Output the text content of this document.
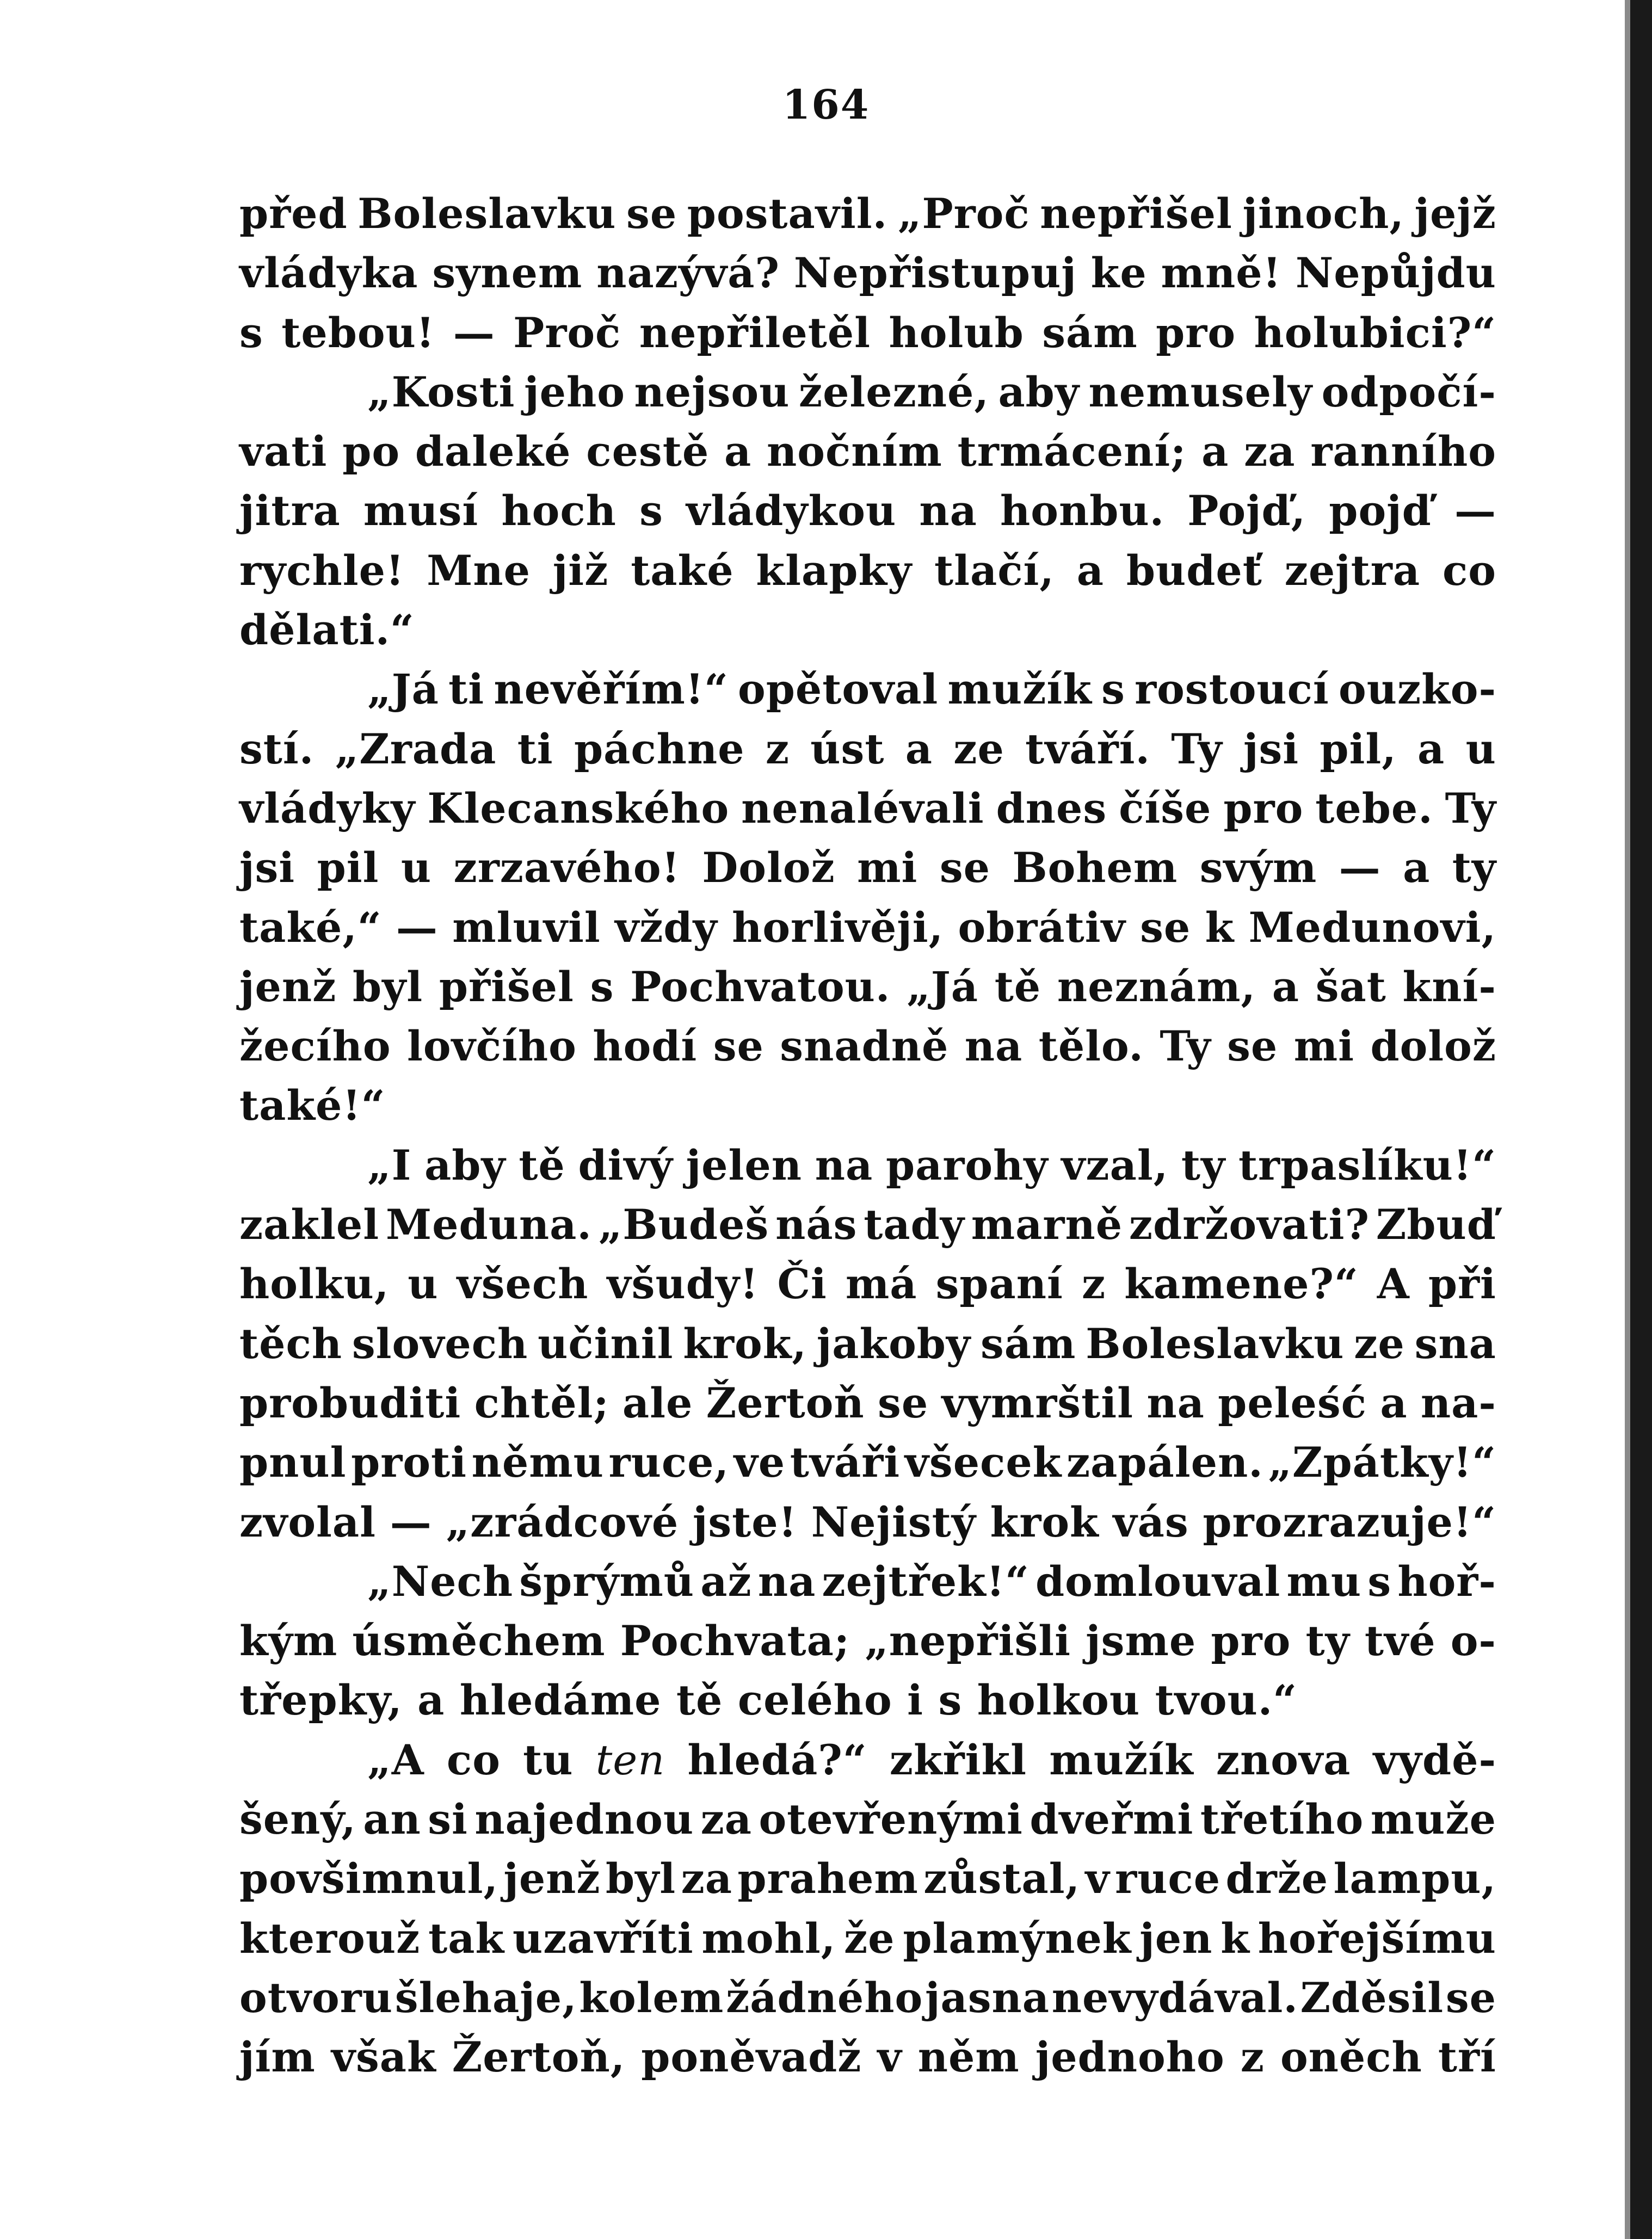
164
před Boleslavku se postavil. „Proč nepřišel jinoch, jejž
vládyka synem nazývá? Nepřistupuj ke mně! Nepůjdu
s tebou! — Proč nepřiletěl holub sám pro holubici?“
„Kosti jeho nejsou železné, aby nemusely odpočí-
vati po daleké cestě a nočním trmácení; a za ranního
jitra musí hoch s vládykou na honbu. Pojď, pojď —
rychle! Mne již také klapky tlačí, a budeť zejtra co
dělati.“
„Já ti nevěřím!“ opětoval mužík s rostoucí ouzko-
stí. „Zrada ti páchne z úst a ze tváří. Ty jsi pil, a u
vládyky Klecanského nenalévali dnes číše pro tebe. Ty
jsi pil u zrzavého! Dolož mi se Bohem svým — a ty
také,“ — mluvil vždy horlivěji, obrátiv se k Medunovi,
jenž byl přišel s Pochvatou. „Já tě neznám, a šat kní-
žecího lovčího hodí se snadně na tělo. Ty se mi dolož
také!“
„I aby tě divý jelen na parohy vzal, ty trpaslíku!“
zaklel Meduna. „Budeš nás tady marně zdržovati? Zbuď
holku, u všech všudy! Či má spaní z kamene?“ A při
těch slovech učinil krok, jakoby sám Boleslavku ze sna
probuditi chtěl; ale Žertoň se vymrštil na peleść a na-
pnul proti němu ruce, ve tváři všecek zapálen. „Zpátky!“
zvolal — „zrádcové jste! Nejistý krok vás prozrazuje!“
„Nech šprýmů až na zejtřek!“ domlouval mu s hoř-
kým úsměchem Pochvata; „nepřišli jsme pro ty tvé o-
třepky, a hledáme tě celého i s holkou tvou.“
„A co tu ten hledá?“ zkřikl mužík znova vydě-
šený, an si najednou za otevřenými dveřmi třetího muže
povšimnul, jenž byl za prahem zůstal, v ruce drže lampu,
kterouž tak uzavříti mohl, že plamýnek jen k hořejšímu
otvoru šlehaje, kolem žádného jasna nevydával. Zděsil se
jím však Žertoň, poněvadž v něm jednoho z oněch tří
